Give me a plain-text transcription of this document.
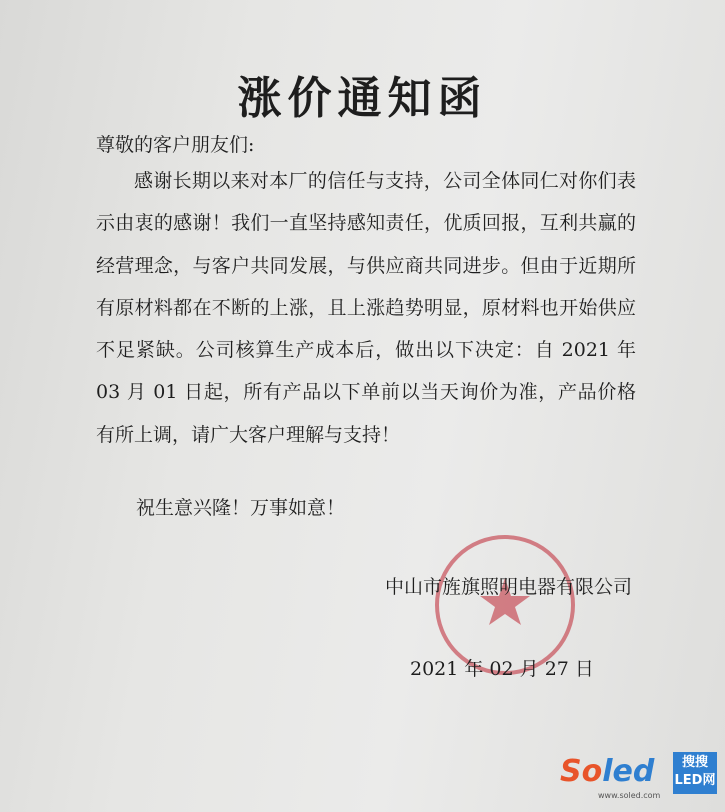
涨价通知函
尊敬的客户朋友们:
感谢长期以来对本厂的信任与支持，公司全体同仁对你们表示由衷的感谢！我们一直坚持感知责任，优质回报，互利共赢的经营理念，与客户共同发展，与供应商共同进步。但由于近期所有原材料都在不断的上涨，且上涨趋势明显，原材料也开始供应不足紧缺。公司核算生产成本后，做出以下决定：自 2021 年 03 月 01 日起，所有产品以下单前以当天询价为准，产品价格有所上调，请广大客户理解与支持！
祝生意兴隆！万事如意！
中山市旌旗照明电器有限公司
2021 年 02 月 27 日
Soled	搜搜
LED网
www.soled.com
